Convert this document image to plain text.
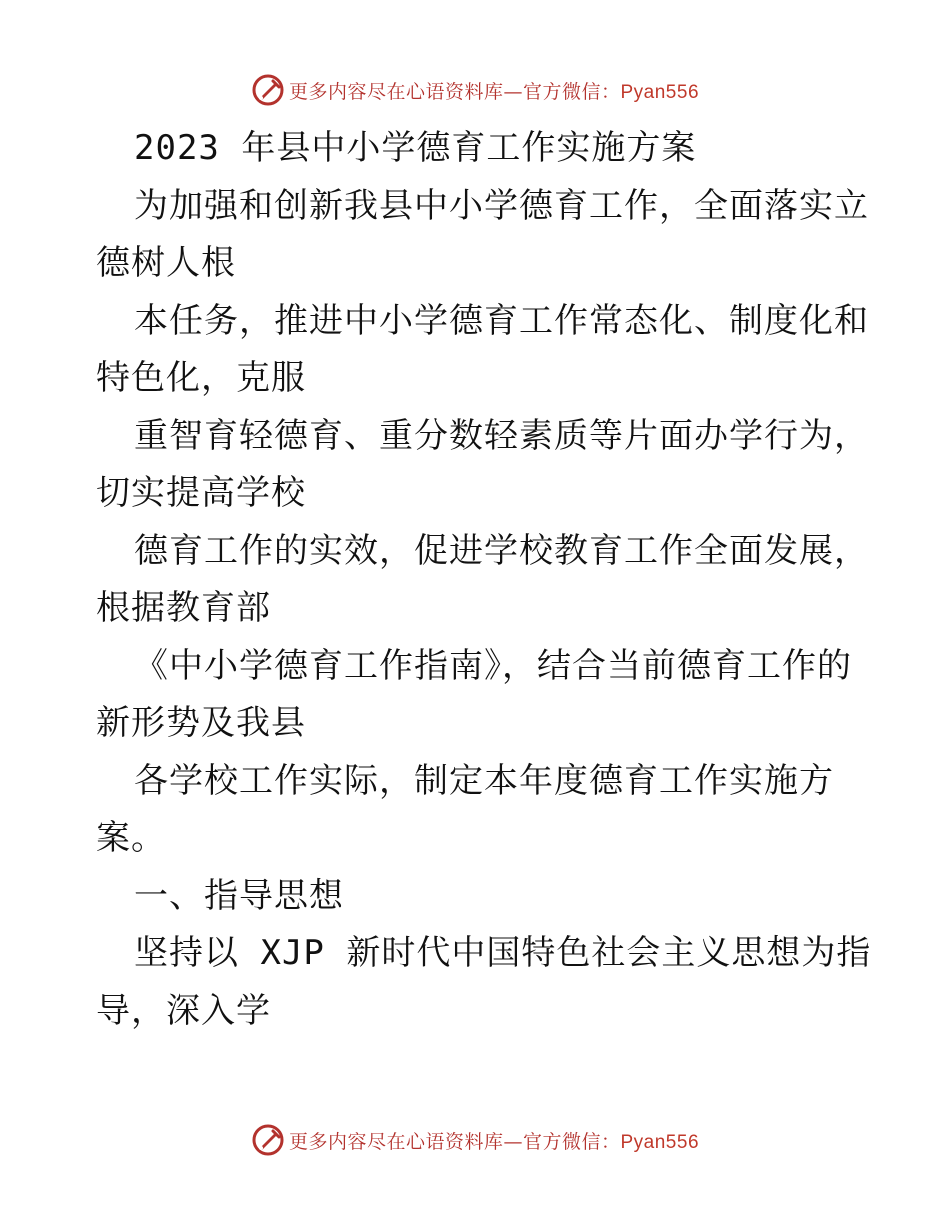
更多内容尽在心语资料库—官方微信：Pyan556
2023 年县中小学德育工作实施方案
为加强和创新我县中小学德育工作，全面落实立
德树人根
本任务，推进中小学德育工作常态化、制度化和
特色化，克服
重智育轻德育、重分数轻素质等片面办学行为，
切实提高学校
德育工作的实效，促进学校教育工作全面发展，
根据教育部
《中小学德育工作指南》，结合当前德育工作的
新形势及我县
各学校工作实际，制定本年度德育工作实施方
案。
一、指导思想
坚持以 XJP 新时代中国特色社会主义思想为指
导，深入学
更多内容尽在心语资料库—官方微信：Pyan556
